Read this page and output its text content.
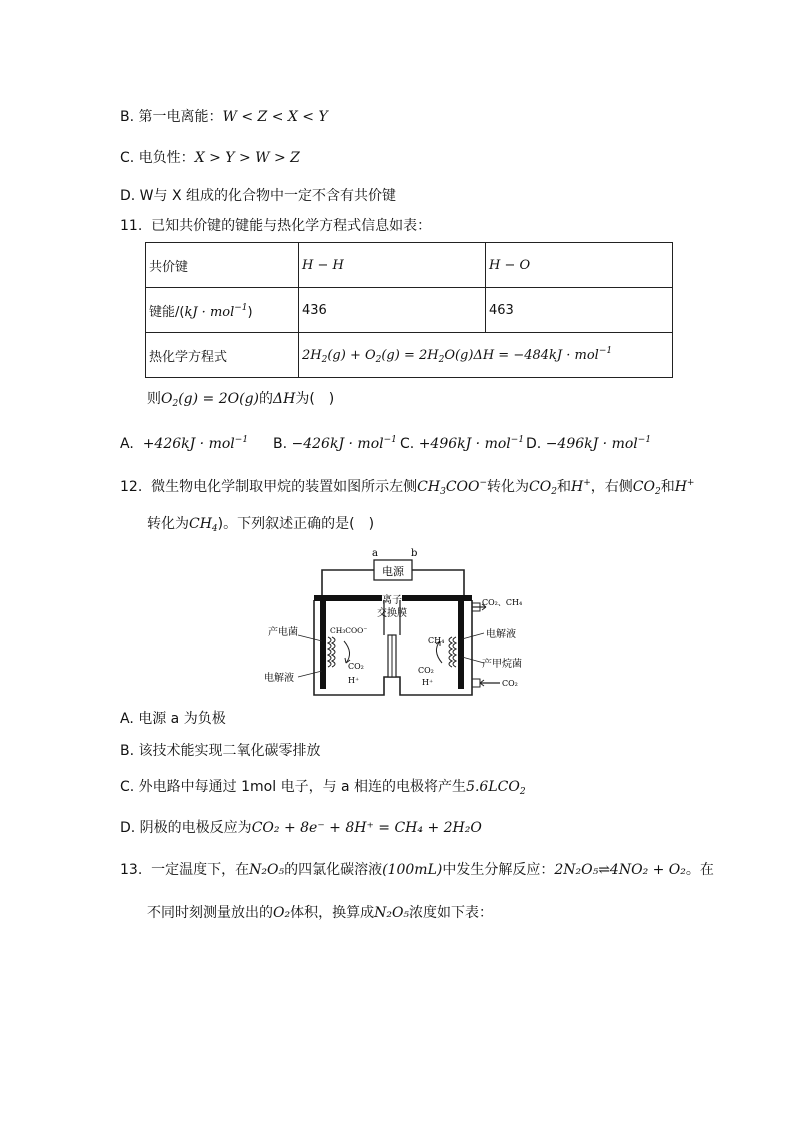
B. 第一电离能：W < Z < X < Y
C. 电负性：X > Y > W > Z
D. W与 X 组成的化合物中一定不含有共价键
11. 已知共价键的键能与热化学方程式信息如表：
共价键	H − H	H − O
键能/(kJ · mol$^{-1}$)	436	463
热化学方程式	$2H_2(g) + O_2(g) = 2H_2O(g)\Delta H = -484kJ \cdot mol^{-1}$
则$O_2(g) = 2O(g)$的ΔH为(　)
A. +426kJ · mol$^{-1}$ B. −426kJ · mol$^{-1}$ C. +496kJ · mol$^{-1}$ D. −496kJ · mol$^{-1}$
12. 微生物电化学制取甲烷的装置如图所示左侧$CH_3COO^-$转化为$CO_2$和H+，右侧$CO_2$和H+
转化为$CH_4$)。下列叙述正确的是(　)
电源
a	b
离子
交换膜
产电菌
电解液
电解液
产甲烷菌
CH₃COO⁻
CO₂
H⁺
CH₄
CO₂
H⁺
CO₂、CH₄
CO₂
A. 电源 a 为负极
B. 该技术能实现二氧化碳零排放
C. 外电路中每通过 1mol 电子，与 a 相连的电极将产生$5.6LCO_2$
D. 阴极的电极反应为CO₂ + 8e⁻ + 8H⁺ = CH₄ + 2H₂O
13. 一定温度下，在N₂O₅的四氯化碳溶液(100mL)中发生分解反应：2N₂O₅⇌4NO₂ + O₂。在
不同时刻测量放出的O₂体积，换算成N₂O₅浓度如下表：
